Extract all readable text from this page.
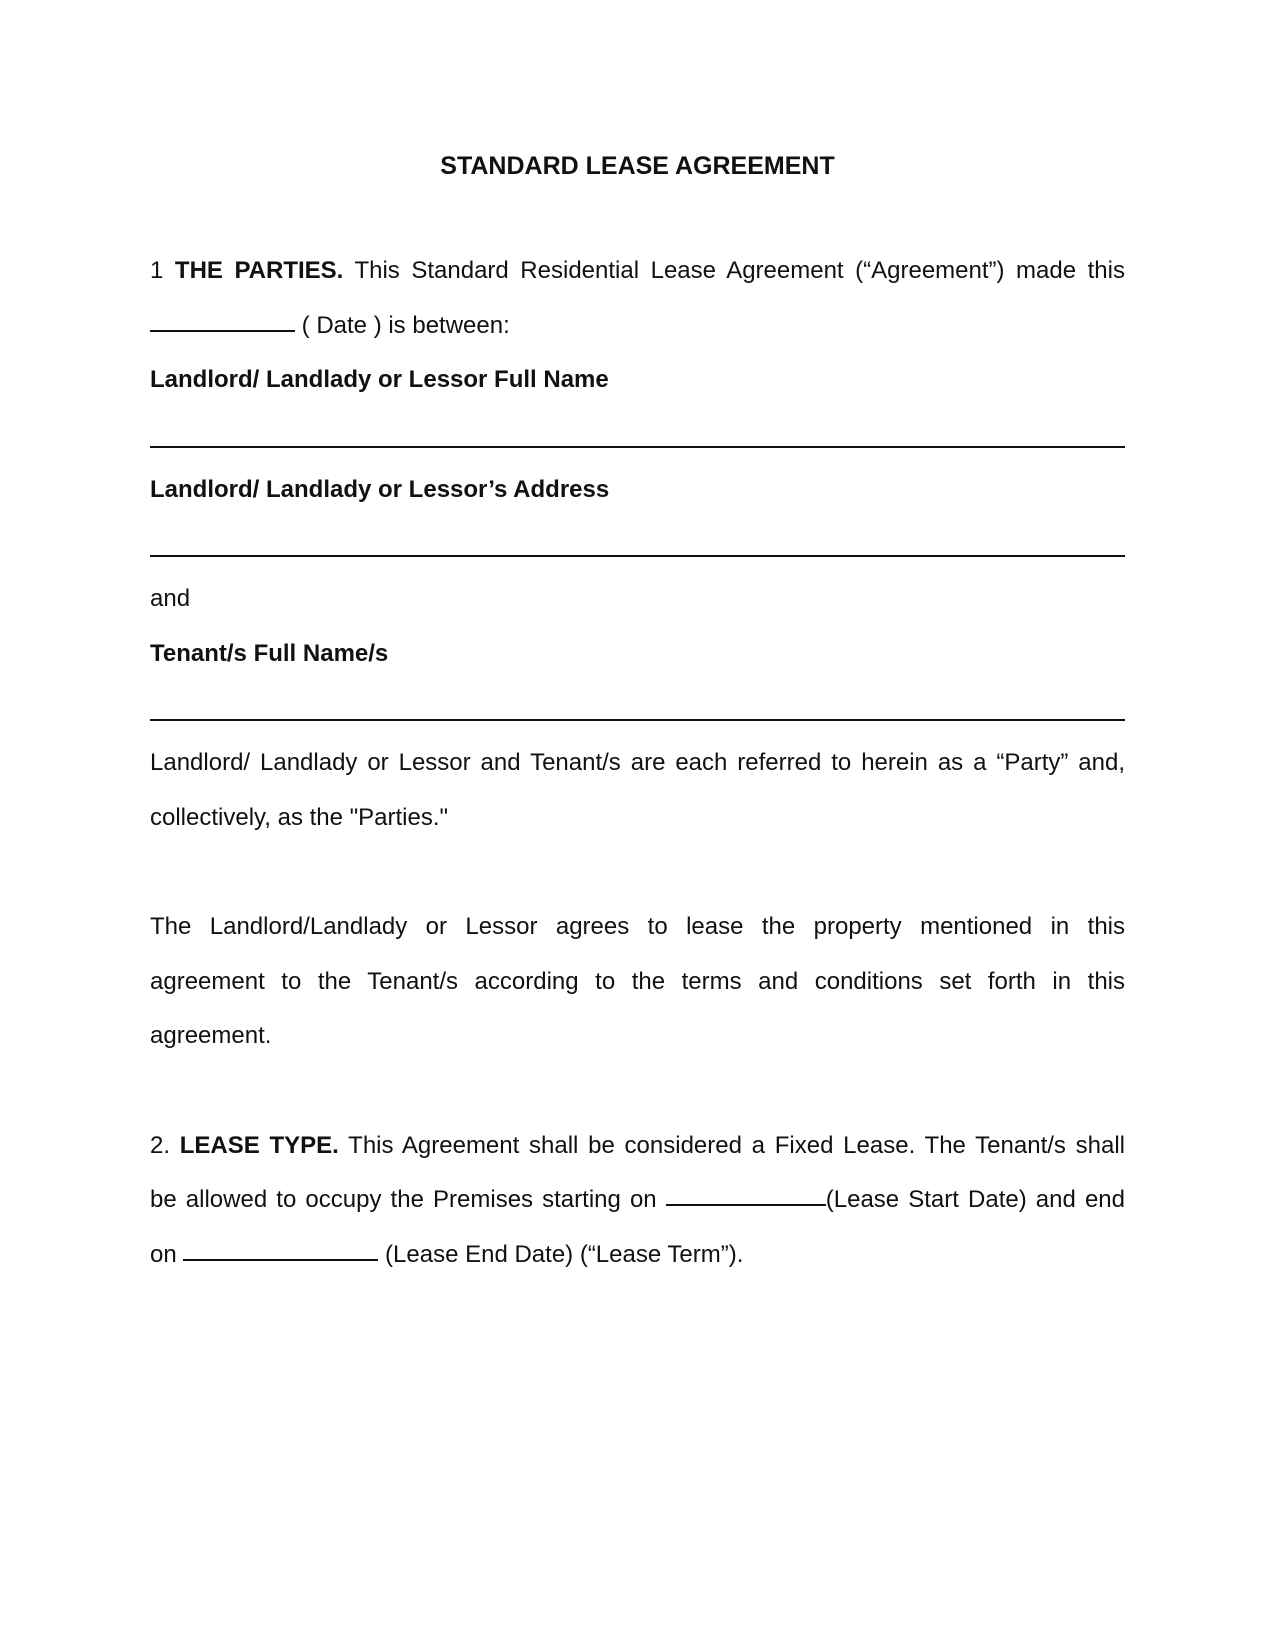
STANDARD LEASE AGREEMENT

1 THE PARTIES. This Standard Residential Lease Agreement (“Agreement”) made this

( Date ) is between:

Landlord/ Landlady or Lessor Full Name

Landlord/ Landlady or Lessor’s Address

and

Tenant/s Full Name/s

Landlord/ Landlady or Lessor and Tenant/s are each referred to herein as a “Party” and,

collectively, as the "Parties."

The Landlord/Landlady or Lessor agrees to lease the property mentioned in this

agreement to the Tenant/s according to the terms and conditions set forth in this

agreement.

2. LEASE TYPE. This Agreement shall be considered a Fixed Lease. The Tenant/s shall

be allowed to occupy the Premises starting on	(Lease Start Date) and end

on	(Lease End Date) (“Lease Term”).
